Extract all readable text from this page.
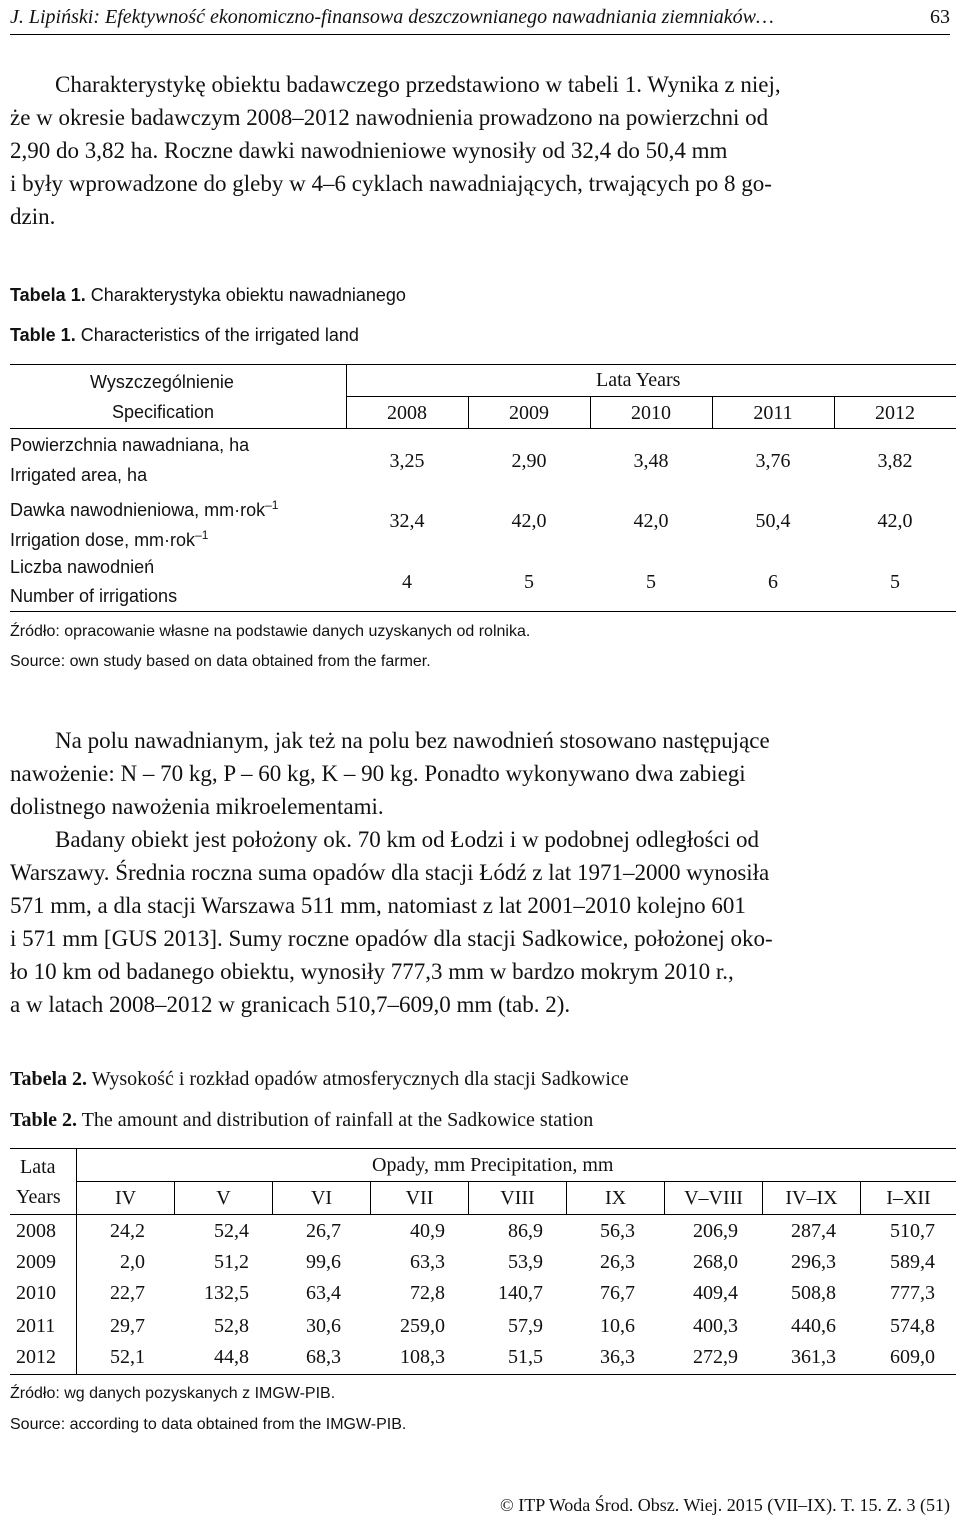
J. Lipiński: Efektywność ekonomiczno-finansowa deszczownianego nawadniania ziemniaków…	63
Charakterystykę obiektu badawczego przedstawiono w tabeli 1. Wynika z niej,
że w okresie badawczym 2008–2012 nawodnienia prowadzono na powierzchni od
2,90 do 3,82 ha. Roczne dawki nawodnieniowe wynosiły od 32,4 do 50,4 mm
i były wprowadzone do gleby w 4–6 cyklach nawadniających, trwających po 8 go-
dzin.
Tabela 1. Charakterystyka obiektu nawadnianego
Table 1. Characteristics of the irrigated land
Wyszczególnienie
Specification
Lata Years
2008	2009	2010	2011	2012
Powierzchnia nawadniana, ha
Irrigated area, ha
3,25	2,90	3,48	3,76	3,82
Dawka nawodnieniowa, mm·rok$^{-1}$
Irrigation dose, mm·rok$^{-1}$
32,4	42,0	42,0	50,4	42,0
Liczba nawodnień
Number of irrigations
4	5	5	6	5
Źródło: opracowanie własne na podstawie danych uzyskanych od rolnika.
Source: own study based on data obtained from the farmer.
Na polu nawadnianym, jak też na polu bez nawodnień stosowano następujące
nawożenie: N – 70 kg, P – 60 kg, K – 90 kg. Ponadto wykonywano dwa zabiegi
dolistnego nawożenia mikroelementami.
Badany obiekt jest położony ok. 70 km od Łodzi i w podobnej odległości od
Warszawy. Średnia roczna suma opadów dla stacji Łódź z lat 1971–2000 wynosiła
571 mm, a dla stacji Warszawa 511 mm, natomiast z lat 2001–2010 kolejno 601
i 571 mm [GUS 2013]. Sumy roczne opadów dla stacji Sadkowice, położonej oko-
ło 10 km od badanego obiektu, wynosiły 777,3 mm w bardzo mokrym 2010 r.,
a w latach 2008–2012 w granicach 510,7–609,0 mm (tab. 2).
Tabela 2. Wysokość i rozkład opadów atmosferycznych dla stacji Sadkowice
Table 2. The amount and distribution of rainfall at the Sadkowice station
Lata
Years
Opady, mm Precipitation, mm
IV	V	VI	VII	VIII	IX	V–VIII	IV–IX	I–XII
2008	24,2	52,4	26,7	40,9	86,9	56,3	206,9	287,4	510,7
2009	2,0	51,2	99,6	63,3	53,9	26,3	268,0	296,3	589,4
2010	22,7	132,5	63,4	72,8	140,7	76,7	409,4	508,8	777,3
2011	29,7	52,8	30,6	259,0	57,9	10,6	400,3	440,6	574,8
2012	52,1	44,8	68,3	108,3	51,5	36,3	272,9	361,3	609,0
Źródło: wg danych pozyskanych z IMGW-PIB.
Source: according to data obtained from the IMGW-PIB.
© ITP Woda Środ. Obsz. Wiej. 2015 (VII–IX). T. 15. Z. 3 (51)
